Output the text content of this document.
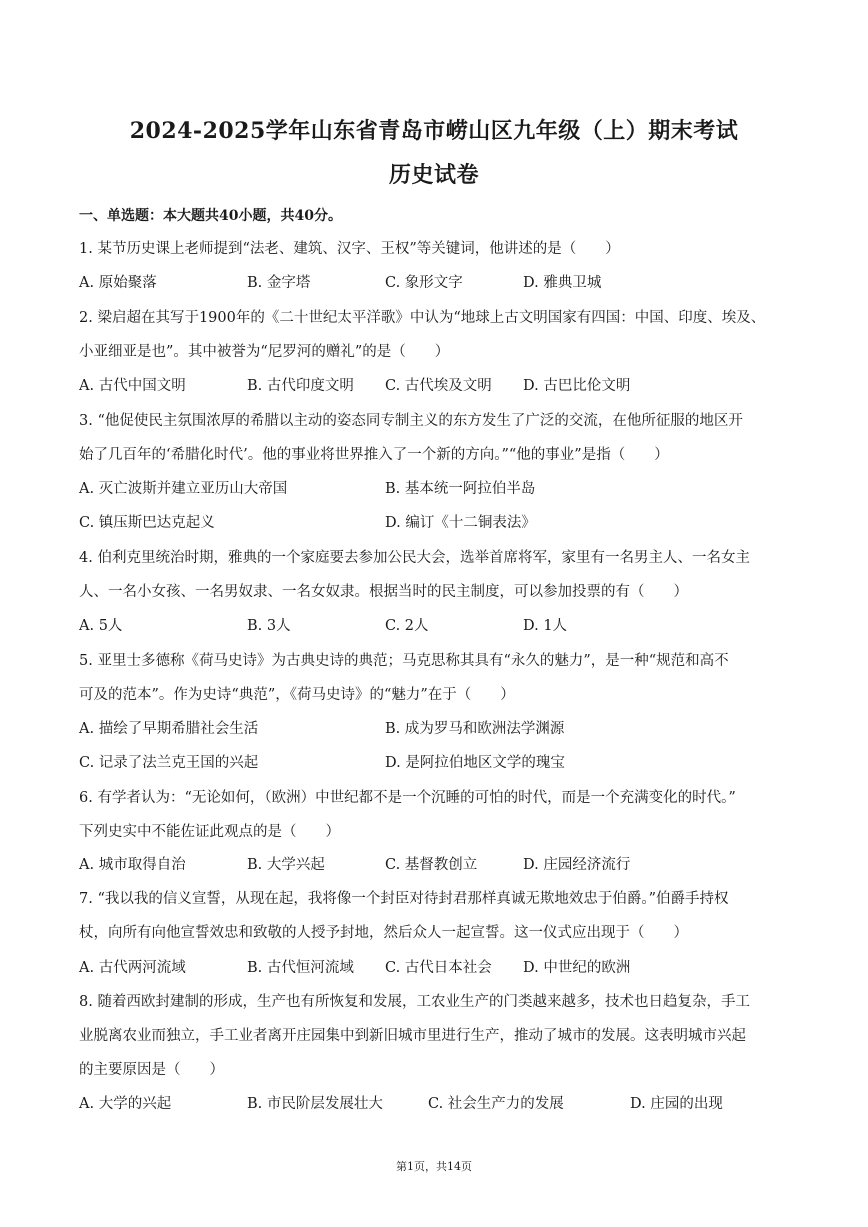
2024-2025学年山东省青岛市崂山区九年级（上）期末考试
历史试卷
一、单选题：本大题共40小题，共40分。
1. 某节历史课上老师提到“法老、建筑、汉字、王权”等关键词，他讲述的是（　　）
A. 原始聚落	B. 金字塔	C. 象形文字	D. 雅典卫城
2. 梁启超在其写于1900年的《二十世纪太平洋歌》中认为“地球上古文明国家有四国：中国、印度、埃及、
小亚细亚是也”。其中被誉为“尼罗河的赠礼”的是（　　）
A. 古代中国文明	B. 古代印度文明 C. 古代埃及文明 D. 古巴比伦文明
3. “他促使民主氛围浓厚的希腊以主动的姿态同专制主义的东方发生了广泛的交流，在他所征服的地区开
始了几百年的‘希腊化时代’。他的事业将世界推入了一个新的方向。”“他的事业”是指（　　）
A. 灭亡波斯并建立亚历山大帝国	B. 基本统一阿拉伯半岛
C. 镇压斯巴达克起义	D. 编订《十二铜表法》
4. 伯利克里统治时期，雅典的一个家庭要去参加公民大会，选举首席将军，家里有一名男主人、一名女主
人、一名小女孩、一名男奴隶、一名女奴隶。根据当时的民主制度，可以参加投票的有（　　）
A. 5人	B. 3人	C. 2人	D. 1人
5. 亚里士多德称《荷马史诗》为古典史诗的典范；马克思称其具有“永久的魅力”，是一种“规范和高不
可及的范本”。作为史诗“典范”，《荷马史诗》的“魅力”在于（　　）
A. 描绘了早期希腊社会生活	B. 成为罗马和欧洲法学渊源
C. 记录了法兰克王国的兴起	D. 是阿拉伯地区文学的瑰宝
6. 有学者认为：“无论如何，（欧洲）中世纪都不是一个沉睡的可怕的时代，而是一个充满变化的时代。”
下列史实中不能佐证此观点的是（　　）
A. 城市取得自治	B. 大学兴起	C. 基督教创立	D. 庄园经济流行
7. “我以我的信义宣誓，从现在起，我将像一个封臣对待封君那样真诚无欺地效忠于伯爵。”伯爵手持权
杖，向所有向他宣誓效忠和致敬的人授予封地，然后众人一起宣誓。这一仪式应出现于（　　）
A. 古代两河流域	B. 古代恒河流域 C. 古代日本社会 D. 中世纪的欧洲
8. 随着西欧封建制的形成，生产也有所恢复和发展，工农业生产的门类越来越多，技术也日趋复杂，手工
业脱离农业而独立，手工业者离开庄园集中到新旧城市里进行生产，推动了城市的发展。这表明城市兴起
的主要原因是（　　）
A. 大学的兴起	B. 市民阶层发展壮大	C. 社会生产力的发展	D. 庄园的出现
第1页，共14页
